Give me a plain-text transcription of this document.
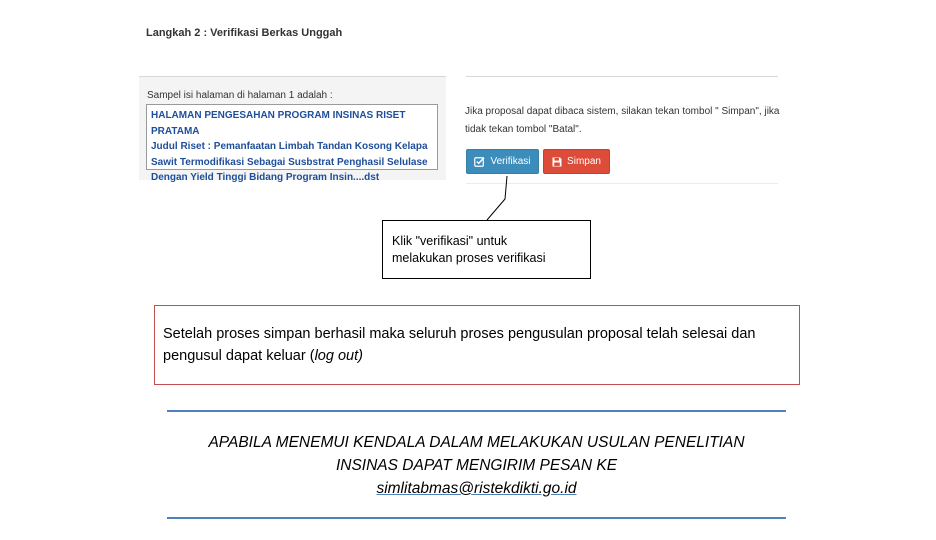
Langkah 2 : Verifikasi Berkas Unggah
Sampel isi halaman di halaman 1 adalah :
HALAMAN PENGESAHAN PROGRAM INSINAS RISET PRATAMA
Judul Riset : Pemanfaatan Limbah Tandan Kosong Kelapa
Sawit Termodifikasi Sebagai Susbstrat Penghasil Selulase
Dengan Yield Tinggi Bidang Program Insin....dst
Jika proposal dapat dibaca sistem, silakan tekan tombol " Simpan", jika
tidak tekan tombol "Batal".
Verifikasi	Simpan
Klik "verifikasi" untuk
melakukan proses verifikasi
Setelah proses simpan berhasil maka seluruh proses pengusulan proposal telah selesai dan pengusul dapat keluar (log out)
APABILA MENEMUI KENDALA DALAM MELAKUKAN USULAN PENELITIAN
INSINAS DAPAT MENGIRIM PESAN KE
simlitabmas@ristekdikti.go.id
